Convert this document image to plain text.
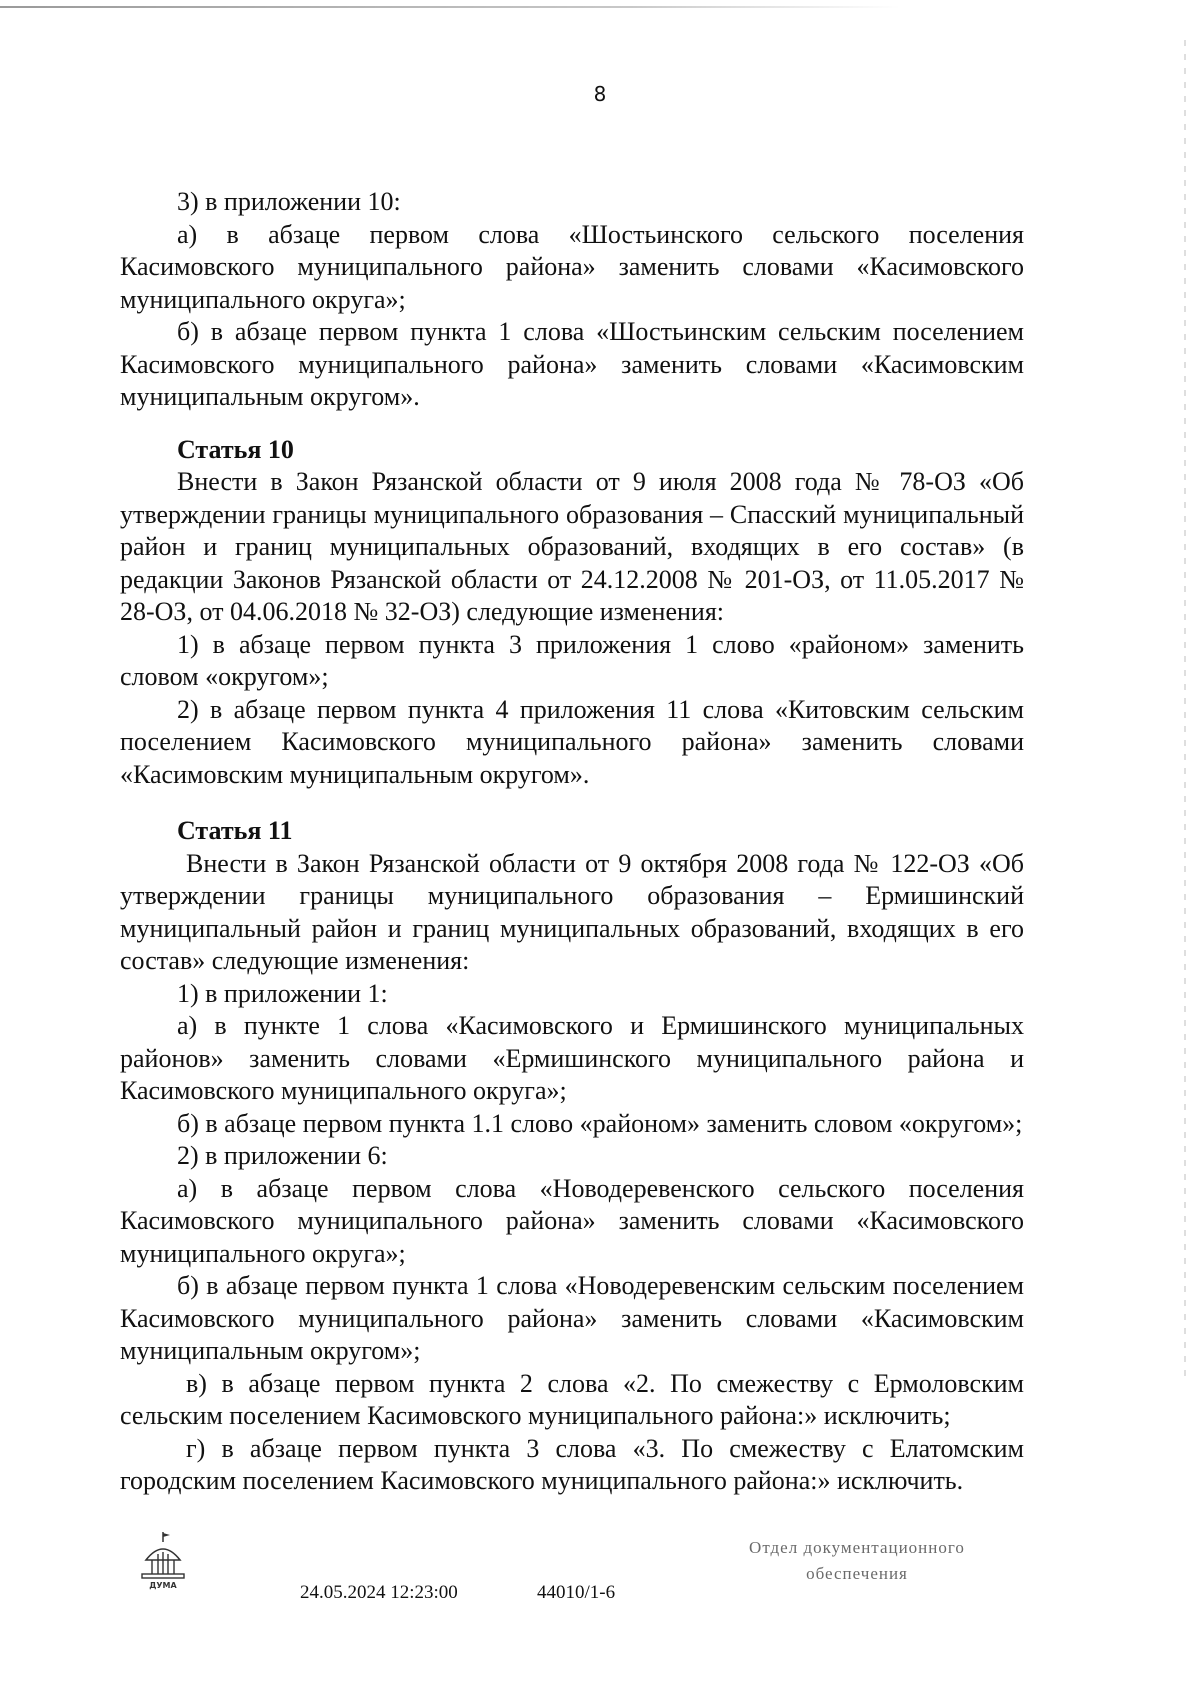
8

3) в приложении 10:

а) в абзаце первом слова «Шостьинского сельского поселения Касимовского муниципального района» заменить словами «Касимовского муниципального округа»;

б) в абзаце первом пункта 1 слова «Шостьинским сельским поселением Касимовского муниципального района» заменить словами «Касимовским муниципальным округом».

Статья 10

Внести в Закон Рязанской области от 9 июля 2008 года № 78-ОЗ «Об утверждении границы муниципального образования – Спасский муниципальный район и границ муниципальных образований, входящих в его состав» (в редакции Законов Рязанской области от 24.12.2008 № 201-ОЗ, от 11.05.2017 № 28-ОЗ, от 04.06.2018 № 32-ОЗ) следующие изменения:

1) в абзаце первом пункта 3 приложения 1 слово «районом» заменить словом «округом»;

2) в абзаце первом пункта 4 приложения 11 слова «Китовским сельским поселением Касимовского муниципального района» заменить словами «Касимовским муниципальным округом».

Статья 11

Внести в Закон Рязанской области от 9 октября 2008 года № 122-ОЗ «Об утверждении границы муниципального образования – Ермишинский муниципальный район и границ муниципальных образований, входящих в его состав» следующие изменения:

1) в приложении 1:

а) в пункте 1 слова «Касимовского и Ермишинского муниципальных районов» заменить словами «Ермишинского муниципального района и Касимовского муниципального округа»;

б) в абзаце первом пункта 1.1 слово «районом» заменить словом «округом»;

2) в приложении 6:

а) в абзаце первом слова «Новодеревенского сельского поселения Касимовского муниципального района» заменить словами «Касимовского муниципального округа»;

б) в абзаце первом пункта 1 слова «Новодеревенским сельским поселением Касимовского муниципального района» заменить словами «Касимовским муниципальным округом»;

в) в абзаце первом пункта 2 слова «2. По смежеству с Ермоловским сельским поселением Касимовского муниципального района:» исключить;

г) в абзаце первом пункта 3 слова «3. По смежеству с Елатомским городским поселением Касимовского муниципального района:» исключить.

ДУМА	24.05.2024 12:23:00	44010/1-6
Отдел документационного
обеспечения
